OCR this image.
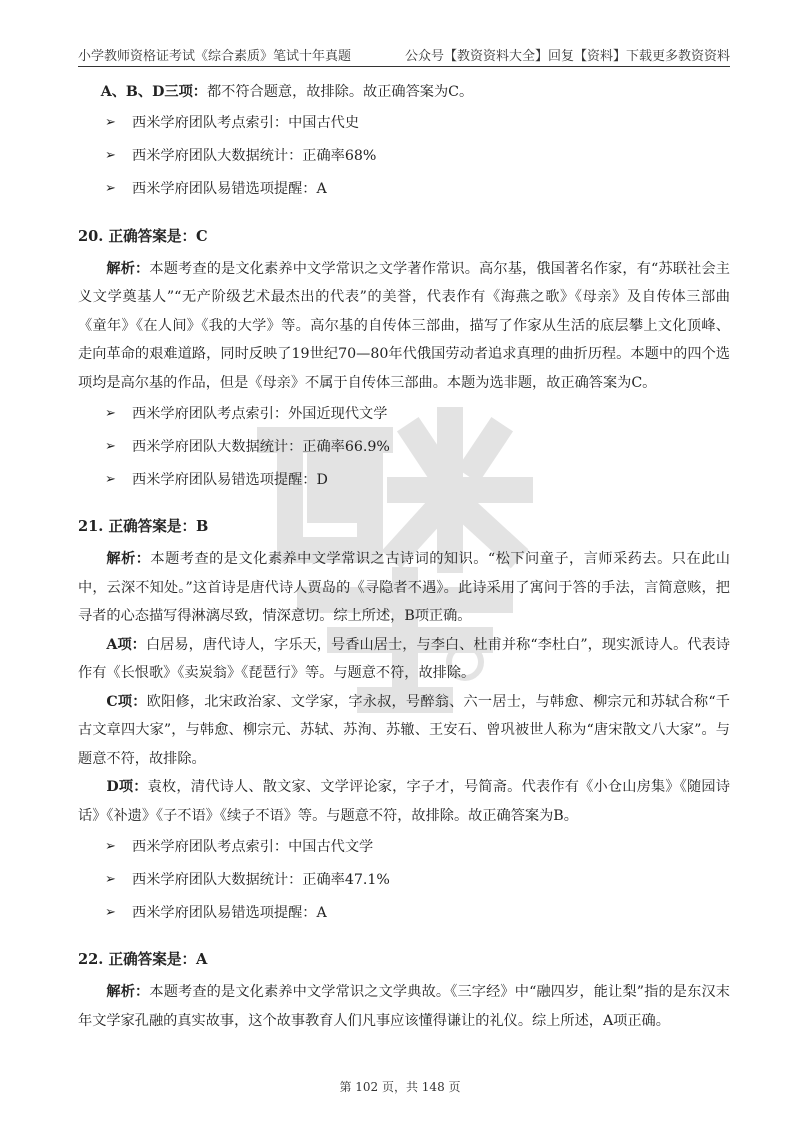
小学教师资格证考试《综合素质》笔试十年真题	公众号【教资资料大全】回复【资料】下载更多教资资料

A、B、D三项：都不符合题意，故排除。故正确答案为C。

➢	西米学府团队考点索引：中国古代史
➢	西米学府团队大数据统计：正确率68%
➢	西米学府团队易错选项提醒：A
20. 正确答案是：C

解析：本题考查的是文化素养中文学常识之文学著作常识。高尔基，俄国著名作家，有“苏联社会主义文学奠基人”“无产阶级艺术最杰出的代表”的美誉，代表作有《海燕之歌》《母亲》及自传体三部曲《童年》《在人间》《我的大学》等。高尔基的自传体三部曲，描写了作家从生活的底层攀上文化顶峰、走向革命的艰难道路，同时反映了19世纪70—80年代俄国劳动者追求真理的曲折历程。本题中的四个选项均是高尔基的作品，但是《母亲》不属于自传体三部曲。本题为选非题，故正确答案为C。

➢	西米学府团队考点索引：外国近现代文学
➢	西米学府团队大数据统计：正确率66.9%
➢	西米学府团队易错选项提醒：D
21. 正确答案是：B

解析：本题考查的是文化素养中文学常识之古诗词的知识。“松下问童子，言师采药去。只在此山中，云深不知处。”这首诗是唐代诗人贾岛的《寻隐者不遇》。此诗采用了寓问于答的手法，言简意赅，把寻者的心态描写得淋漓尽致，情深意切。综上所述，B项正确。

A项：白居易，唐代诗人，字乐天，号香山居士，与李白、杜甫并称“李杜白”，现实派诗人。代表诗作有《长恨歌》《卖炭翁》《琵琶行》等。与题意不符，故排除。

C项：欧阳修，北宋政治家、文学家，字永叔，号醉翁、六一居士，与韩愈、柳宗元和苏轼合称“千古文章四大家”，与韩愈、柳宗元、苏轼、苏洵、苏辙、王安石、曾巩被世人称为“唐宋散文八大家”。与题意不符，故排除。

D项：袁枚，清代诗人、散文家、文学评论家，字子才，号简斋。代表作有《小仓山房集》《随园诗话》《补遗》《子不语》《续子不语》等。与题意不符，故排除。故正确答案为B。

➢	西米学府团队考点索引：中国古代文学
➢	西米学府团队大数据统计：正确率47.1%
➢	西米学府团队易错选项提醒：A
22. 正确答案是：A

解析：本题考查的是文化素养中文学常识之文学典故。《三字经》中“融四岁，能让梨”指的是东汉末年文学家孔融的真实故事，这个故事教育人们凡事应该懂得谦让的礼仪。综上所述，A项正确。

第 102 页，共 148 页
